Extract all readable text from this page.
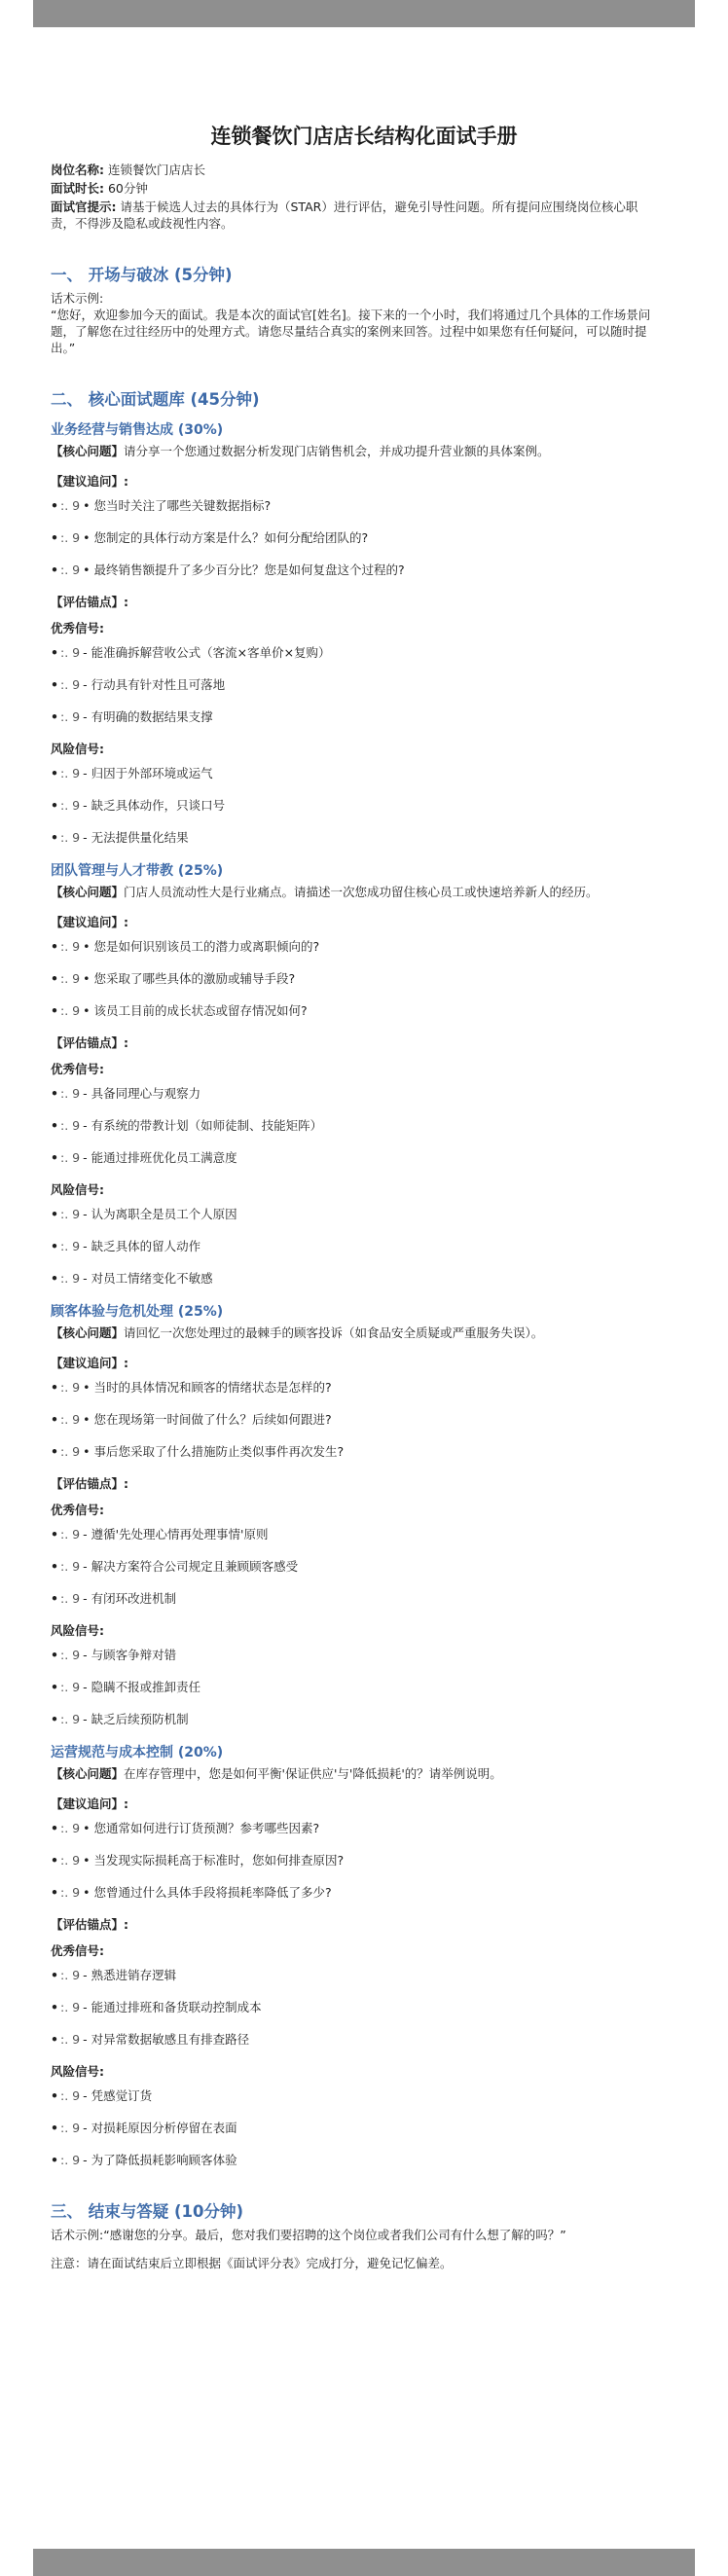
连锁餐饮门店店长结构化面试手册

岗位名称: 连锁餐饮门店店长

面试时长: 60分钟

面试官提示: 请基于候选人过去的具体行为（STAR）进行评估，避免引导性问题。所有提问应围绕岗位核心职责，不得涉及隐私或歧视性内容。

一、 开场与破冰 (5分钟)

话术示例:

“您好，欢迎参加今天的面试。我是本次的面试官[姓名]。接下来的一个小时，我们将通过几个具体的工作场景问题，了解您在过往经历中的处理方式。请您尽量结合真实的案例来回答。过程中如果您有任何疑问，可以随时提出。”

二、 核心面试题库 (45分钟)
业务经营与销售达成 (30%)

【核心问题】请分享一个您通过数据分析发现门店销售机会，并成功提升营业额的具体案例。

【建议追问】:

• :. 9 • 您当时关注了哪些关键数据指标?
• :. 9 • 您制定的具体行动方案是什么？如何分配给团队的?
• :. 9 • 最终销售额提升了多少百分比？您是如何复盘这个过程的?

【评估锚点】:

优秀信号:

• :. 9 - 能准确拆解营收公式（客流×客单价×复购）
• :. 9 - 行动具有针对性且可落地
• :. 9 - 有明确的数据结果支撑

风险信号:

• :. 9 - 归因于外部环境或运气
• :. 9 - 缺乏具体动作，只谈口号
• :. 9 - 无法提供量化结果
团队管理与人才带教 (25%)

【核心问题】门店人员流动性大是行业痛点。请描述一次您成功留住核心员工或快速培养新人的经历。

【建议追问】:

• :. 9 • 您是如何识别该员工的潜力或离职倾向的?
• :. 9 • 您采取了哪些具体的激励或辅导手段?
• :. 9 • 该员工目前的成长状态或留存情况如何?

【评估锚点】:

优秀信号:

• :. 9 - 具备同理心与观察力
• :. 9 - 有系统的带教计划（如师徒制、技能矩阵）
• :. 9 - 能通过排班优化员工满意度

风险信号:

• :. 9 - 认为离职全是员工个人原因
• :. 9 - 缺乏具体的留人动作
• :. 9 - 对员工情绪变化不敏感
顾客体验与危机处理 (25%)

【核心问题】请回忆一次您处理过的最棘手的顾客投诉（如食品安全质疑或严重服务失误）。

【建议追问】:

• :. 9 • 当时的具体情况和顾客的情绪状态是怎样的?
• :. 9 • 您在现场第一时间做了什么？后续如何跟进?
• :. 9 • 事后您采取了什么措施防止类似事件再次发生?

【评估锚点】:

优秀信号:

• :. 9 - 遵循'先处理心情再处理事情'原则
• :. 9 - 解决方案符合公司规定且兼顾顾客感受
• :. 9 - 有闭环改进机制

风险信号:

• :. 9 - 与顾客争辩对错
• :. 9 - 隐瞒不报或推卸责任
• :. 9 - 缺乏后续预防机制
运营规范与成本控制 (20%)

【核心问题】在库存管理中，您是如何平衡'保证供应'与'降低损耗'的？请举例说明。

【建议追问】:

• :. 9 • 您通常如何进行订货预测？参考哪些因素?
• :. 9 • 当发现实际损耗高于标准时，您如何排查原因?
• :. 9 • 您曾通过什么具体手段将损耗率降低了多少?

【评估锚点】:

优秀信号:

• :. 9 - 熟悉进销存逻辑
• :. 9 - 能通过排班和备货联动控制成本
• :. 9 - 对异常数据敏感且有排查路径

风险信号:

• :. 9 - 凭感觉订货
• :. 9 - 对损耗原因分析停留在表面
• :. 9 - 为了降低损耗影响顾客体验
三、 结束与答疑 (10分钟)

话术示例:“感谢您的分享。最后，您对我们要招聘的这个岗位或者我们公司有什么想了解的吗？”

注意：请在面试结束后立即根据《面试评分表》完成打分，避免记忆偏差。
